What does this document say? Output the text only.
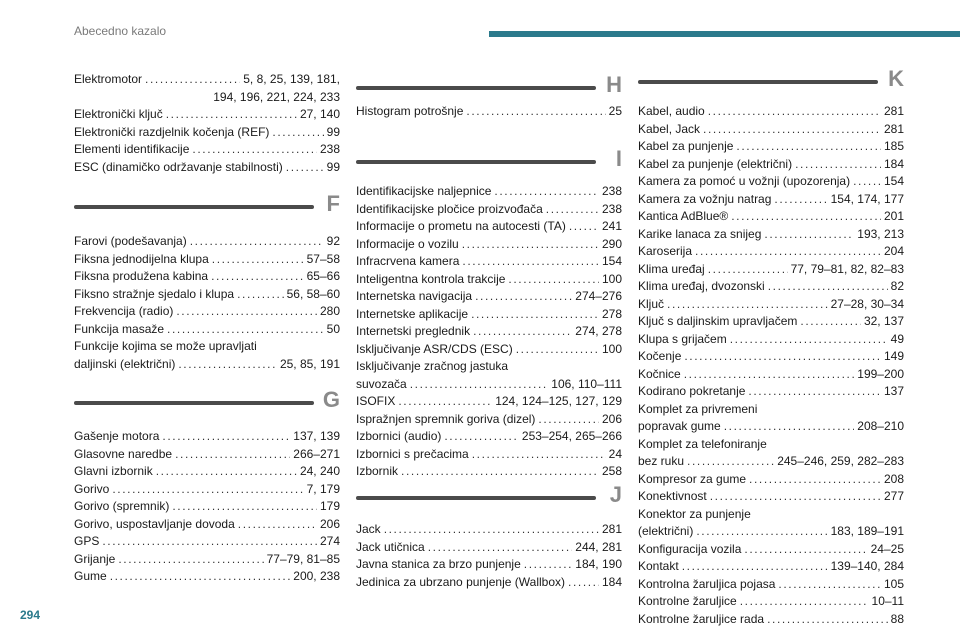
Abecedno kazalo
Elektromotor .....	5, 8, 25, 139, 181,
194, 196, 221, 224, 233
Elektronički ključ .....	27, 140
Elektronički razdjelnik kočenja (REF) .....	99
Elementi identifikacije .....	238
ESC (dinamičko održavanje stabilnosti) .....	99
F
Farovi (podešavanja) .....	92
Fiksna jednodijelna klupa .....	57–58
Fiksna produžena kabina .....	65–66
Fiksno stražnje sjedalo i klupa .....	56, 58–60
Frekvencija (radio) .....	280
Funkcija masaže .....	50
Funkcije kojima se može upravljati
daljinski (električni) .....	25, 85, 191
G
Gašenje motora .....	137, 139
Glasovne naredbe .....	266–271
Glavni izbornik .....	24, 240
Gorivo .....	7, 179
Gorivo (spremnik) .....	179
Gorivo, uspostavljanje dovoda .....	206
GPS .....	274
Grijanje .....	77–79, 81–85
Gume .....	200, 238
H
Histogram potrošnje .....	25
I
Identifikacijske naljepnice .....	238
Identifikacijske pločice proizvođača .....	238
Informacije o prometu na autocesti (TA) .....	241
Informacije o vozilu .....	290
Infracrvena kamera .....	154
Inteligentna kontrola trakcije .....	100
Internetska navigacija .....	274–276
Internetske aplikacije .....	278
Internetski preglednik .....	274, 278
Isključivanje ASR/CDS (ESC) .....	100
Isključivanje zračnog jastuka
suvozača .....	106, 110–111
ISOFIX .....	124, 124–125, 127, 129
Ispražnjen spremnik goriva (dizel) .....	206
Izbornici (audio) .....	253–254, 265–266
Izbornici s prečacima .....	24
Izbornik .....	258
J
Jack .....	281
Jack utičnica .....	244, 281
Javna stanica za brzo punjenje .....	184, 190
Jedinica za ubrzano punjenje (Wallbox) .....	184
K
Kabel, audio .....	281
Kabel, Jack .....	281
Kabel za punjenje .....	185
Kabel za punjenje (električni) .....	184
Kamera za pomoć u vožnji (upozorenja) .....	154
Kamera za vožnju natrag .....	154, 174, 177
Kantica AdBlue® .....	201
Karike lanaca za snijeg .....	193, 213
Karoserija .....	204
Klima uređaj .....	77, 79–81, 82, 82–83
Klima uređaj, dvozonski .....	82
Ključ .....	27–28, 30–34
Ključ s daljinskim upravljačem .....	32, 137
Klupa s grijačem .....	49
Kočenje .....	149
Kočnice .....	199–200
Kodirano pokretanje .....	137
Komplet za privremeni
popravak gume .....	208–210
Komplet za telefoniranje
bez ruku .....	245–246, 259, 282–283
Kompresor za gume .....	208
Konektivnost .....	277
Konektor za punjenje
(električni) .....	183, 189–191
Konfiguracija vozila .....	24–25
Kontakt .....	139–140, 284
Kontrolna žaruljica pojasa .....	105
Kontrolne žaruljice .....	10–11
Kontrolne žaruljice rada .....	88
294
